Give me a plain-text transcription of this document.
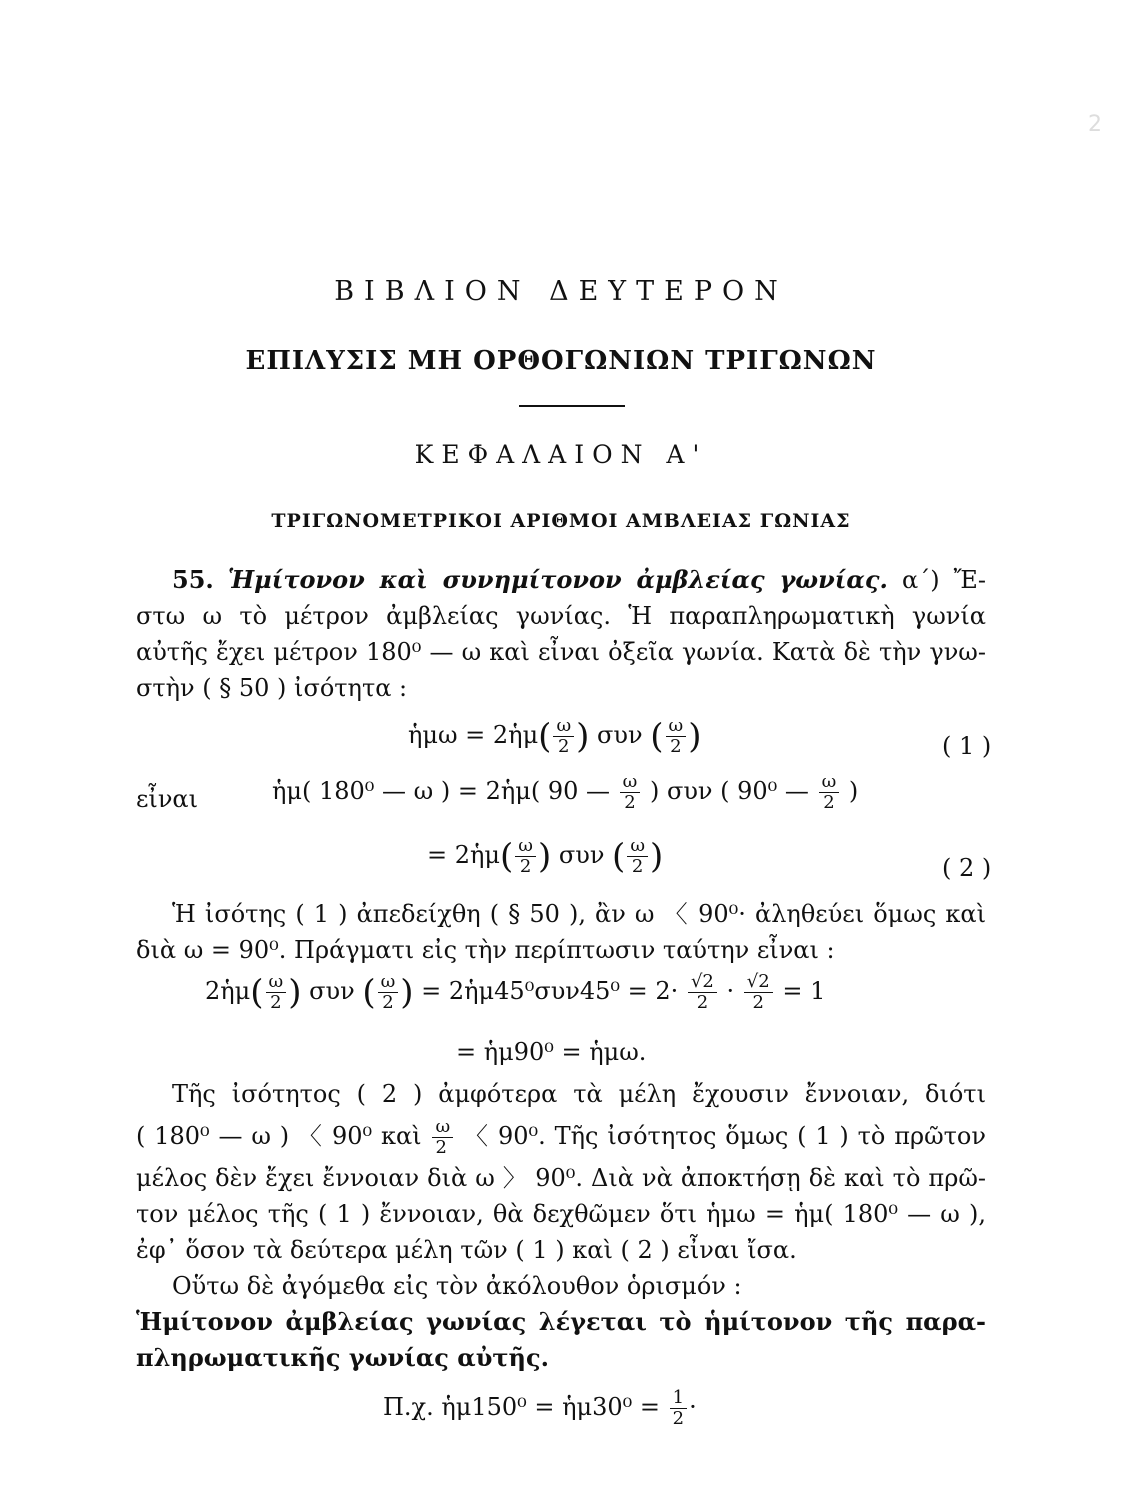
2
ΒΙΒΛΙΟΝ ΔΕΥΤΕΡΟΝ
ΕΠΙΛΥΣΙΣ ΜΗ ΟΡΘΟΓΩΝΙΩΝ ΤΡΙΓΩΝΩΝ
ΚΕΦΑΛΑΙΟΝ Α'
ΤΡΙΓΩΝΟΜΕΤΡΙΚΟΙ ΑΡΙΘΜΟΙ ΑΜΒΛΕΙΑΣ ΓΩΝΙΑΣ
55. Ἡμίτονον καὶ συνημίτονον ἀμβλείας γωνίας. α΄) Ἔ-
στω ω τὸ μέτρον ἀμβλείας γωνίας. Ἡ παραπληρωματικὴ γωνία
αὐτῆς ἔχει μέτρον 180⁰ — ω καὶ εἶναι ὀξεῖα γωνία. Κατὰ δὲ τὴν γνω-
στὴν ( § 50 ) ἰσότητα :
ἡμω = 2ἡμ( $\frac{\omega}{2}$ ) συν ( $\frac{\omega}{2}$ )	( 1 )
εἶναι	ἡμ( 180⁰ — ω ) = 2ἡμ( 90 — $\frac{\omega}{2}$ ) συν ( 90⁰ — $\frac{\omega}{2}$ )
= 2ἡμ( $\frac{\omega}{2}$ ) συν ( $\frac{\omega}{2}$ )	( 2 )
Ἡ ἰσότης ( 1 ) ἀπεδείχθη ( § 50 ), ἂν ω 〈 90⁰· ἀληθεύει ὅμως καὶ
διὰ ω = 90⁰. Πράγματι εἰς τὴν περίπτωσιν ταύτην εἶναι :
2ἡμ( $\frac{\omega}{2}$ ) συν ( $\frac{\omega}{2}$ ) = 2ἡμ45⁰συν45⁰ = $2\cdot \frac{√2}{2} \cdot \frac{√2}{2} = 1$
= ἡμ90⁰ = ἡμω.
Τῆς ἰσότητος ( 2 ) ἀμφότερα τὰ μέλη ἔχουσιν ἔννοιαν, διότι
( 180⁰ — ω ) 〈 90⁰ καὶ $\frac{\omega}{2}$ 〈 90⁰. Τῆς ἰσότητος ὅμως ( 1 ) τὸ πρῶτον
μέλος δὲν ἔχει ἔννοιαν διὰ ω 〉 90⁰. Διὰ νὰ ἀποκτήσῃ δὲ καὶ τὸ πρῶ-
τον μέλος τῆς ( 1 ) ἔννοιαν, θὰ δεχθῶμεν ὅτι ἡμω = ἡμ( 180⁰ — ω ),
ἐφ᾽ ὅσον τὰ δεύτερα μέλη τῶν ( 1 ) καὶ ( 2 ) εἶναι ἴσα.
Οὕτω δὲ ἀγόμεθα εἰς τὸν ἀκόλουθον ὁρισμόν :
Ἡμίτονον ἀμβλείας γωνίας λέγεται τὸ ἡμίτονον τῆς παρα-
πληρωματικῆς γωνίας αὐτῆς.
Π.χ. ἡμ150⁰ = ἡμ30⁰ = $\frac{1}{2}$ ·
